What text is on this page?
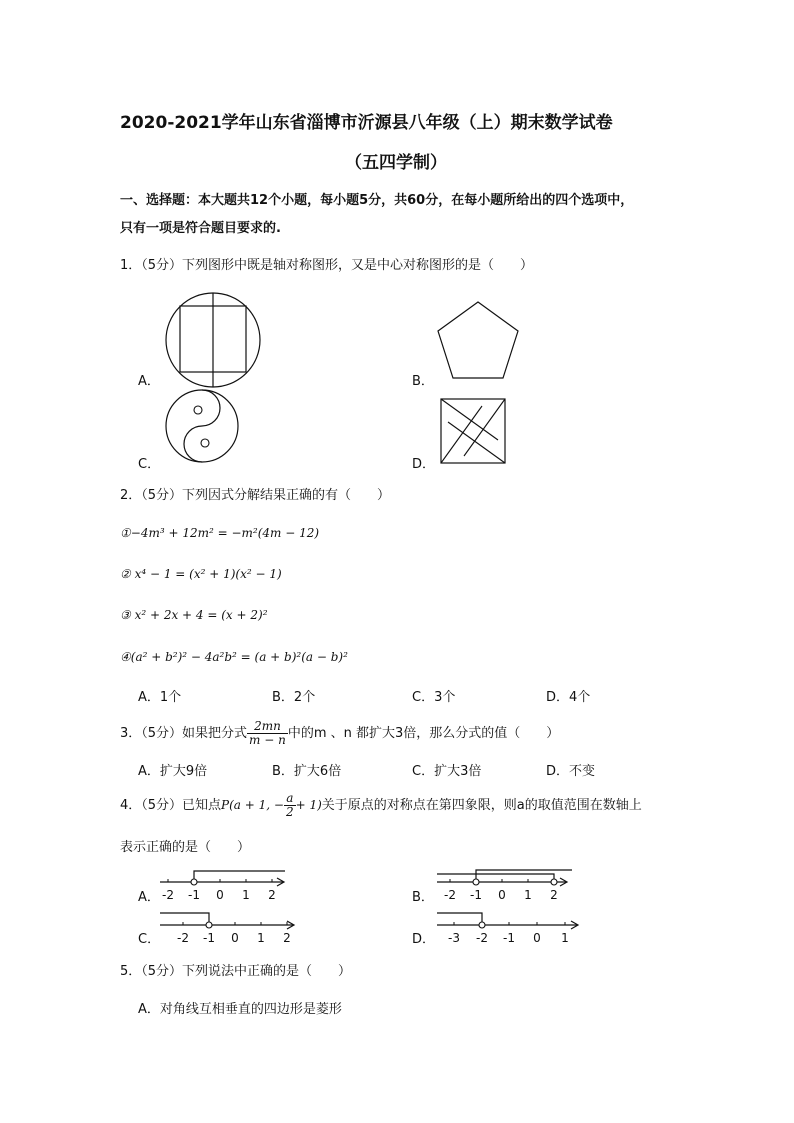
2020-2021学年山东省淄博市沂源县八年级（上）期末数学试卷
（五四学制）
一、选择题：本大题共12个小题，每小题5分，共60分，在每小题所给出的四个选项中，
只有一项是符合题目要求的.
1．（5分）下列图形中既是轴对称图形，又是中心对称图形的是（　　）
A．	B．
C．	D．
2．（5分）下列因式分解结果正确的有（　　）
①−4m³ + 12m² = −m²(4m − 12)
② x⁴ − 1 = (x² + 1)(x² − 1)
③ x² + 2x + 4 = (x + 2)²
④(a² + b²)² − 4a²b² = (a + b)²(a − b)²
A．1个	B．2个	C．3个	D．4个
3．（5分）如果把分式 $\frac{2mn}{m - n}$ 中的m 、n 都扩大3倍，那么分式的值（　　）
A．扩大9倍	B．扩大6倍	C．扩大3倍	D．不变
4．（5分）已知点P(a + 1, − $\frac{a}{2} + 1$)关于原点的对称点在第四象限，则a的取值范围在数轴上
表示正确的是（　　）
A． -2 -1 0 1 2	B． -2 -1 0 1 2
C． -2 -1 0 1 2	D． -3 -2 -1 0 1
5．（5分）下列说法中正确的是（　　）
A．对角线互相垂直的四边形是菱形
